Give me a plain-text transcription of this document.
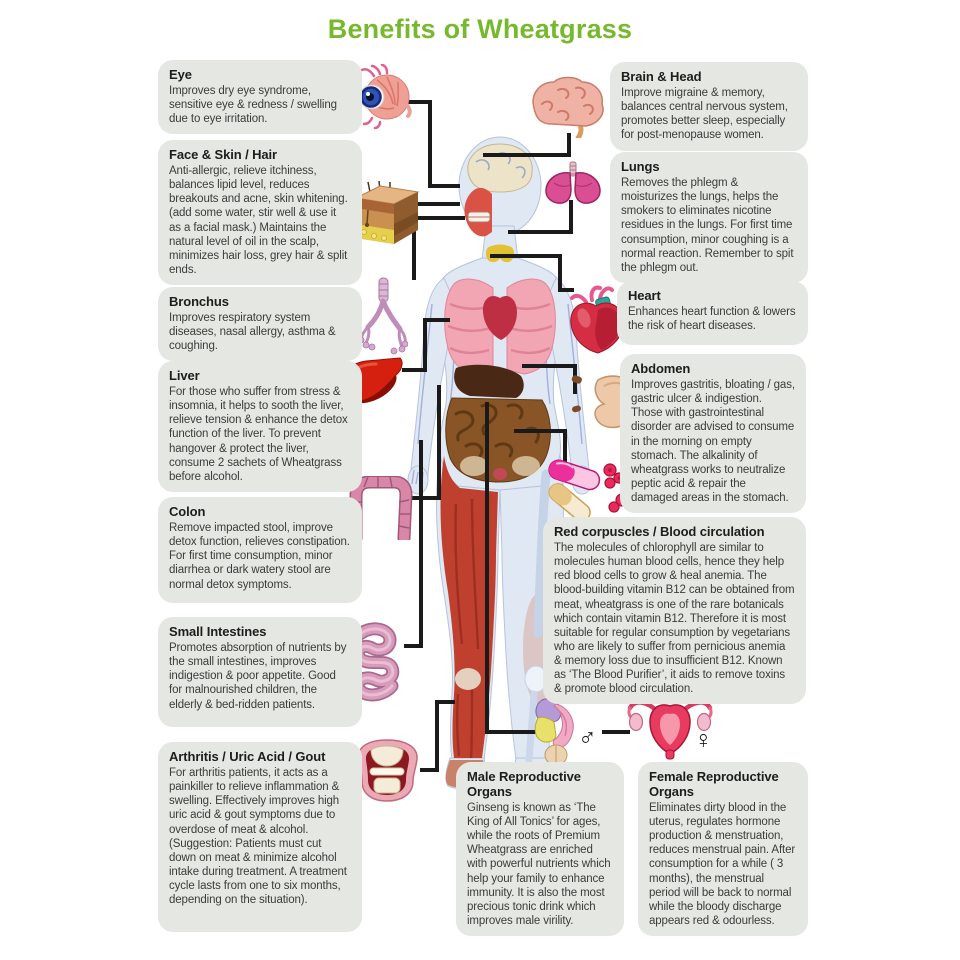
Benefits of Wheatgrass
♂	♀
Eye

Improves dry eye syndrome, sensitive eye & redness / swelling due to eye irritation.

Face & Skin / Hair

Anti-allergic, relieve itchiness, balances lipid level, reduces breakouts and acne, skin whitening. (add some water, stir well & use it as a facial mask.) Maintains the natural level of oil in the scalp, minimizes hair loss, grey hair & split ends.

Bronchus

Improves respiratory system diseases, nasal allergy, asthma & coughing.

Liver

For those who suffer from stress & insomnia, it helps to sooth the liver, relieve tension & enhance the detox function of the liver. To prevent hangover & protect the liver, consume 2 sachets of Wheatgrass before alcohol.

Colon

Remove impacted stool, improve detox function, relieves constipation. For first time consumption, minor diarrhea or dark watery stool are normal detox symptoms.

Small Intestines

Promotes absorption of nutrients by the small intestines, improves indigestion & poor appetite. Good for malnourished children, the elderly & bed-ridden patients.

Arthritis / Uric Acid / Gout

For arthritis patients, it acts as a painkiller to relieve inflammation & swelling. Effectively improves high uric acid & gout symptoms due to overdose of meat & alcohol. (Suggestion: Patients must cut down on meat & minimize alcohol intake during treatment. A treatment cycle lasts from one to six months, depending on the situation).

Brain & Head

Improve migraine & memory, balances central nervous system, promotes better sleep, especially for post-menopause women.

Lungs

Removes the phlegm & moisturizes the lungs, helps the smokers to eliminates nicotine residues in the lungs. For first time consumption, minor coughing is a normal reaction. Remember to spit the phlegm out.

Heart

Enhances heart function & lowers the risk of heart diseases.

Abdomen

Improves gastritis, bloating / gas, gastric ulcer & indigestion. Those with gastrointestinal disorder are advised to consume in the morning on empty stomach. The alkalinity of wheatgrass works to neutralize peptic acid & repair the damaged areas in the stomach.

Red corpuscles / Blood circulation

The molecules of chlorophyll are similar to molecules human blood cells, hence they help red blood cells to grow & heal anemia. The blood-building vitamin B12 can be obtained from meat, wheatgrass is one of the rare botanicals which contain vitamin B12. Therefore it is most suitable for regular consumption by vegetarians who are likely to suffer from pernicious anemia & memory loss due to insufficient B12. Known as ‘The Blood Purifier’, it aids to remove toxins & promote blood circulation.

Male Reproductive Organs

Ginseng is known as ‘The King of All Tonics’ for ages, while the roots of Premium Wheatgrass are enriched with powerful nutrients which help your family to enhance immunity. It is also the most precious tonic drink which improves male virility.

Female Reproductive Organs

Eliminates dirty blood in the uterus, regulates hormone production & menstruation, reduces menstrual pain. After consumption for a while ( 3 months), the menstrual period will be back to normal while the bloody discharge appears red & odourless.
